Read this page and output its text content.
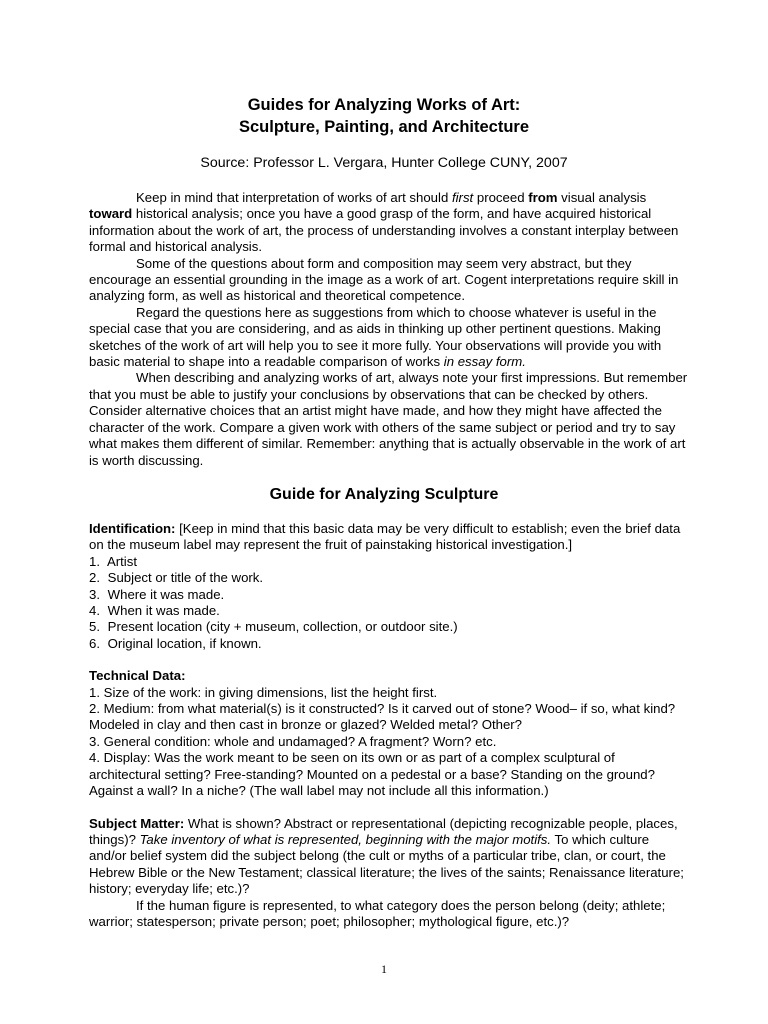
Guides for Analyzing Works of Art:
Sculpture, Painting, and Architecture
Source: Professor L. Vergara, Hunter College CUNY, 2007

Keep in mind that interpretation of works of art should first proceed from visual analysis toward historical analysis; once you have a good grasp of the form, and have acquired historical information about the work of art, the process of understanding involves a constant interplay between formal and historical analysis.

Some of the questions about form and composition may seem very abstract, but they encourage an essential grounding in the image as a work of art. Cogent interpretations require skill in analyzing form, as well as historical and theoretical competence.

Regard the questions here as suggestions from which to choose whatever is useful in the special case that you are considering, and as aids in thinking up other pertinent questions. Making sketches of the work of art will help you to see it more fully. Your observations will provide you with basic material to shape into a readable comparison of works in essay form.

When describing and analyzing works of art, always note your first impressions. But remember that you must be able to justify your conclusions by observations that can be checked by others. Consider alternative choices that an artist might have made, and how they might have affected the character of the work. Compare a given work with others of the same subject or period and try to say what makes them different of similar. Remember: anything that is actually observable in the work of art is worth discussing.

Guide for Analyzing Sculpture

Identification: [Keep in mind that this basic data may be very difficult to establish; even the brief data on the museum label may represent the fruit of painstaking historical investigation.]

1. Artist

2. Subject or title of the work.

3. Where it was made.

4. When it was made.

5. Present location (city + museum, collection, or outdoor site.)

6. Original location, if known.

Technical Data:

1. Size of the work: in giving dimensions, list the height first.

2. Medium: from what material(s) is it constructed? Is it carved out of stone? Wood– if so, what kind? Modeled in clay and then cast in bronze or glazed? Welded metal? Other?

3. General condition: whole and undamaged? A fragment? Worn? etc.

4. Display: Was the work meant to be seen on its own or as part of a complex sculptural of architectural setting? Free-standing? Mounted on a pedestal or a base? Standing on the ground? Against a wall? In a niche? (The wall label may not include all this information.)

Subject Matter: What is shown? Abstract or representational (depicting recognizable people, places, things)? Take inventory of what is represented, beginning with the major motifs. To which culture and/or belief system did the subject belong (the cult or myths of a particular tribe, clan, or court, the Hebrew Bible or the New Testament; classical literature; the lives of the saints; Renaissance literature; history; everyday life; etc.)?

If the human figure is represented, to what category does the person belong (deity; athlete; warrior; statesperson; private person; poet; philosopher; mythological figure, etc.)?

1
